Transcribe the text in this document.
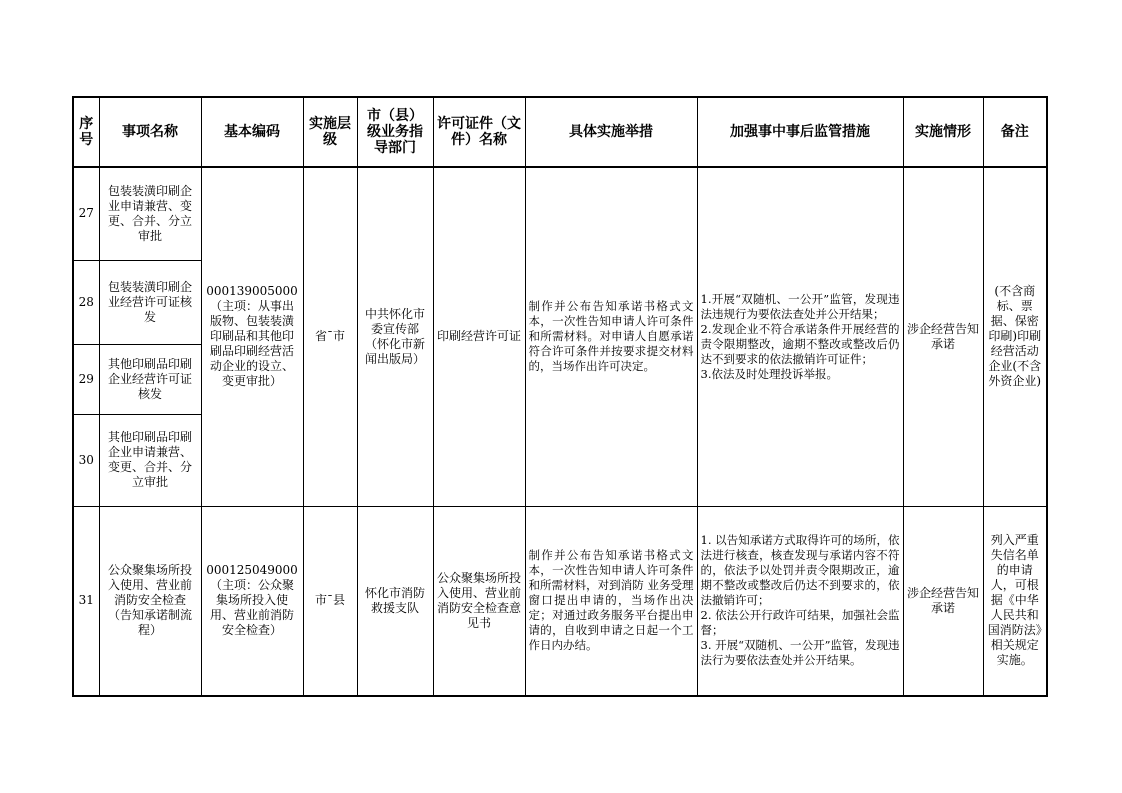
序号	事项名称	基本编码	实施层级	市（县）级业务指导部门	许可证件（文件）名称	具体实施举措	加强事中事后监管措施	实施情形	备注
27	包装装潢印刷企业申请兼营、变更、合并、分立审批	000139005000（主项：从事出版物、包装装潢印刷品和其他印刷品印刷经营活动企业的设立、变更审批）	省ˉ市	中共怀化市委宣传部（怀化市新闻出版局）	印刷经营许可证	制作并公布告知承诺书格式文本，一次性告知申请人许可条件和所需材料。对申请人自愿承诺符合许可条件并按要求提交材料的，当场作出许可决定。	1.开展“双随机、一公开”监管，发现违法违规行为要依法查处并公开结果；
2.发现企业不符合承诺条件开展经营的责令限期整改，逾期不整改或整改后仍达不到要求的依法撤销许可证件；
3.依法及时处理投诉举报。	涉企经营告知承诺	(不含商标、票据、保密印刷)印刷经营活动企业(不含外资企业)
28	包装装潢印刷企业经营许可证核发								
29	其他印刷品印刷企业经营许可证核发								
30	其他印刷品印刷企业申请兼营、变更、合并、分立审批								
31	公众聚集场所投入使用、营业前消防安全检查（告知承诺制流程）	000125049000（主项：公众聚集场所投入使用、营业前消防安全检查）	市ˉ县	怀化市消防救援支队	公众聚集场所投入使用、营业前消防安全检查意见书	制作并公布告知承诺书格式文本，一次性告知申请人许可条件和所需材料，对到消防 业务受理窗口提出申请的，当场作出决定；对通过政务服务平台提出申请的，自收到申请之日起一个工作日内办结。	1. 以告知承诺方式取得许可的场所，依法进行核查，核查发现与承诺内容不符的，依法予以处罚并责令限期改正，逾期不整改或整改后仍达不到要求的，依法撤销许可；
2. 依法公开行政许可结果，加强社会监督；
3. 开展“双随机、一公开”监管，发现违法行为要依法查处并公开结果。	涉企经营告知承诺	列入严重失信名单的申请人，可根据《中华人民共和国消防法》相关规定实施。
